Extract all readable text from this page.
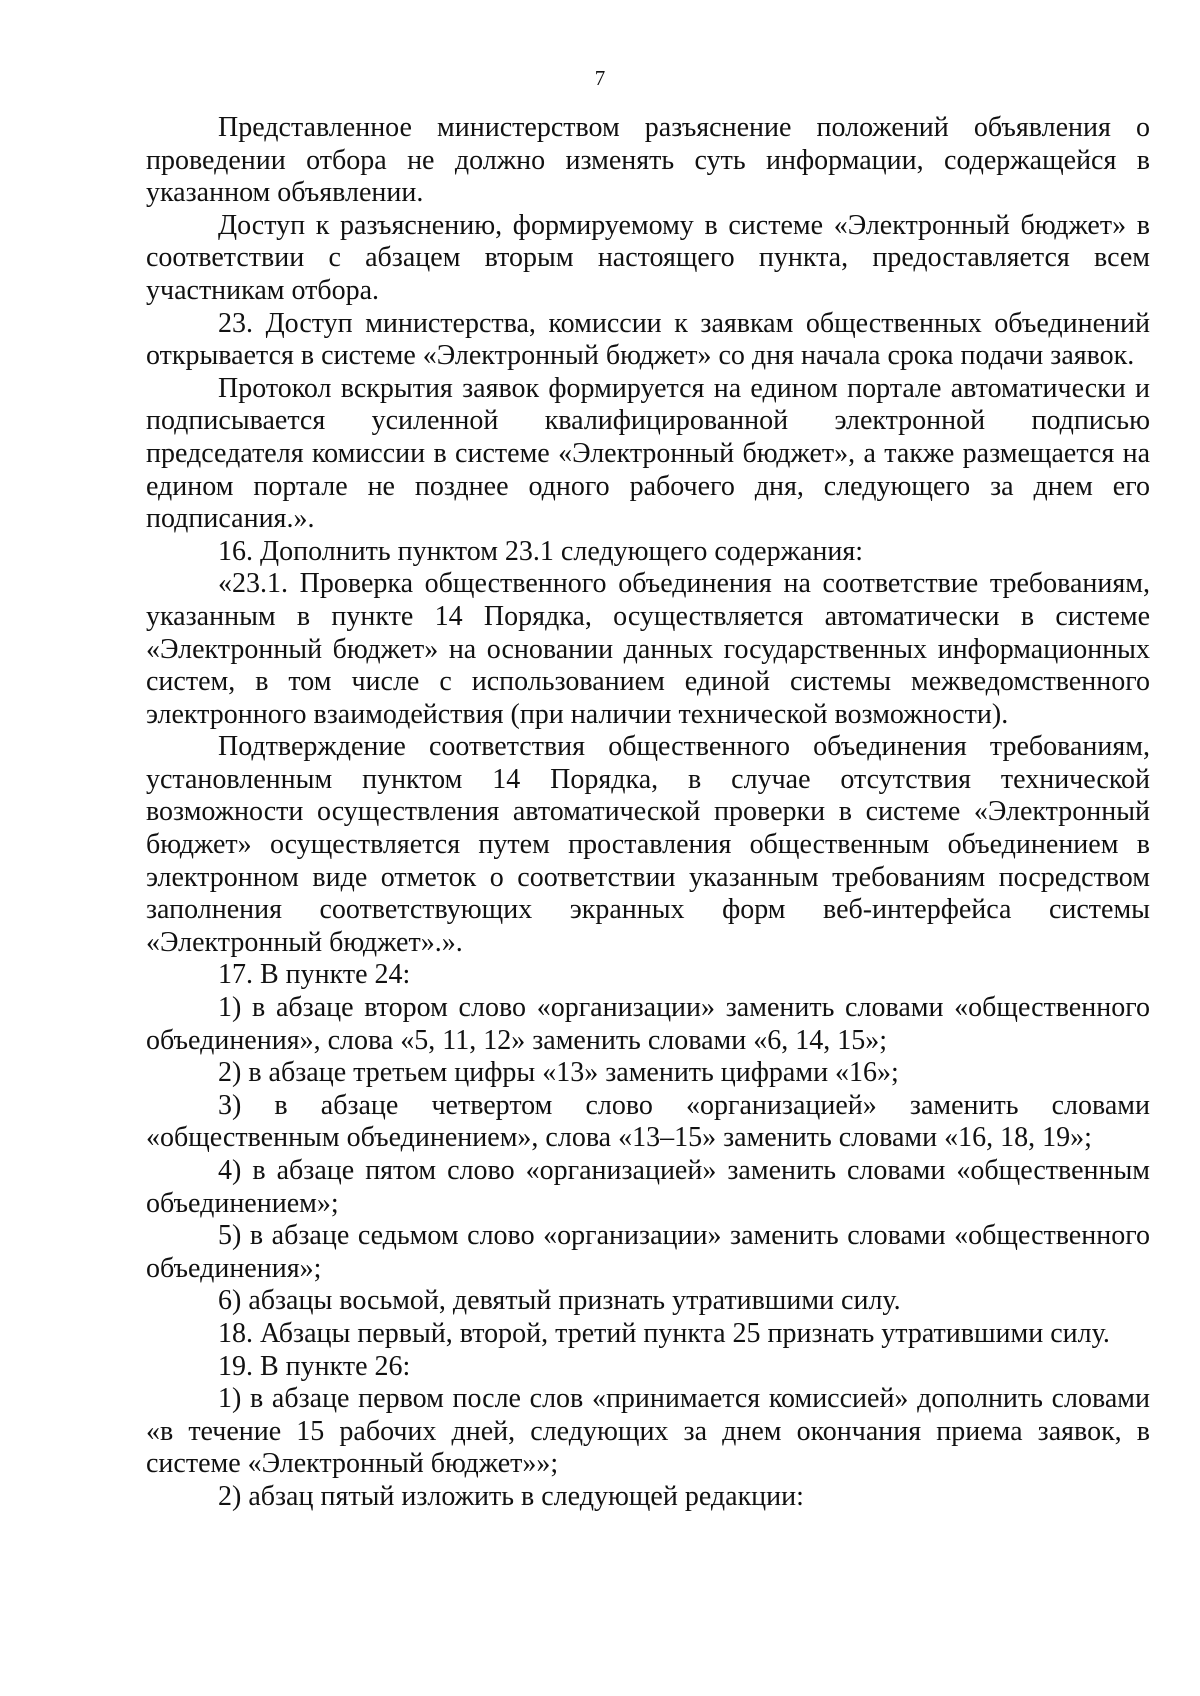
7

Представленное министерством разъяснение положений объявления о проведении отбора не должно изменять суть информации, содержащейся в указанном объявлении.

Доступ к разъяснению, формируемому в системе «Электронный бюджет» в соответствии с абзацем вторым настоящего пункта, предоставляется всем участникам отбора.

23. Доступ министерства, комиссии к заявкам общественных объединений открывается в системе «Электронный бюджет» со дня начала срока подачи заявок.

Протокол вскрытия заявок формируется на едином портале автоматически и подписывается усиленной квалифицированной электронной подписью председателя комиссии в системе «Электронный бюджет», а также размещается на едином портале не позднее одного рабочего дня, следующего за днем его подписания.».

16. Дополнить пунктом 23.1 следующего содержания:

«23.1. Проверка общественного объединения на соответствие требованиям, указанным в пункте 14 Порядка, осуществляется автоматически в системе «Электронный бюджет» на основании данных государственных информационных систем, в том числе с использованием единой системы межведомственного электронного взаимодействия (при наличии технической возможности).

Подтверждение соответствия общественного объединения требованиям, установленным пунктом 14 Порядка, в случае отсутствия технической возможности осуществления автоматической проверки в системе «Электронный бюджет» осуществляется путем проставления общественным объединением в электронном виде отметок о соответствии указанным требованиям посредством заполнения соответствующих экранных форм веб-интерфейса системы «Электронный бюджет».».

17. В пункте 24:

1) в абзаце втором слово «организации» заменить словами «общественного объединения», слова «5, 11, 12» заменить словами «6, 14, 15»;

2) в абзаце третьем цифры «13» заменить цифрами «16»;

3) в абзаце четвертом слово «организацией» заменить словами «общественным объединением», слова «13–15» заменить словами «16, 18, 19»;

4) в абзаце пятом слово «организацией» заменить словами «общественным объединением»;

5) в абзаце седьмом слово «организации» заменить словами «общественного объединения»;

6) абзацы восьмой, девятый признать утратившими силу.

18. Абзацы первый, второй, третий пункта 25 признать утратившими силу.

19. В пункте 26:

1) в абзаце первом после слов «принимается комиссией» дополнить словами «в течение 15 рабочих дней, следующих за днем окончания приема заявок, в системе «Электронный бюджет»»;

2) абзац пятый изложить в следующей редакции:
